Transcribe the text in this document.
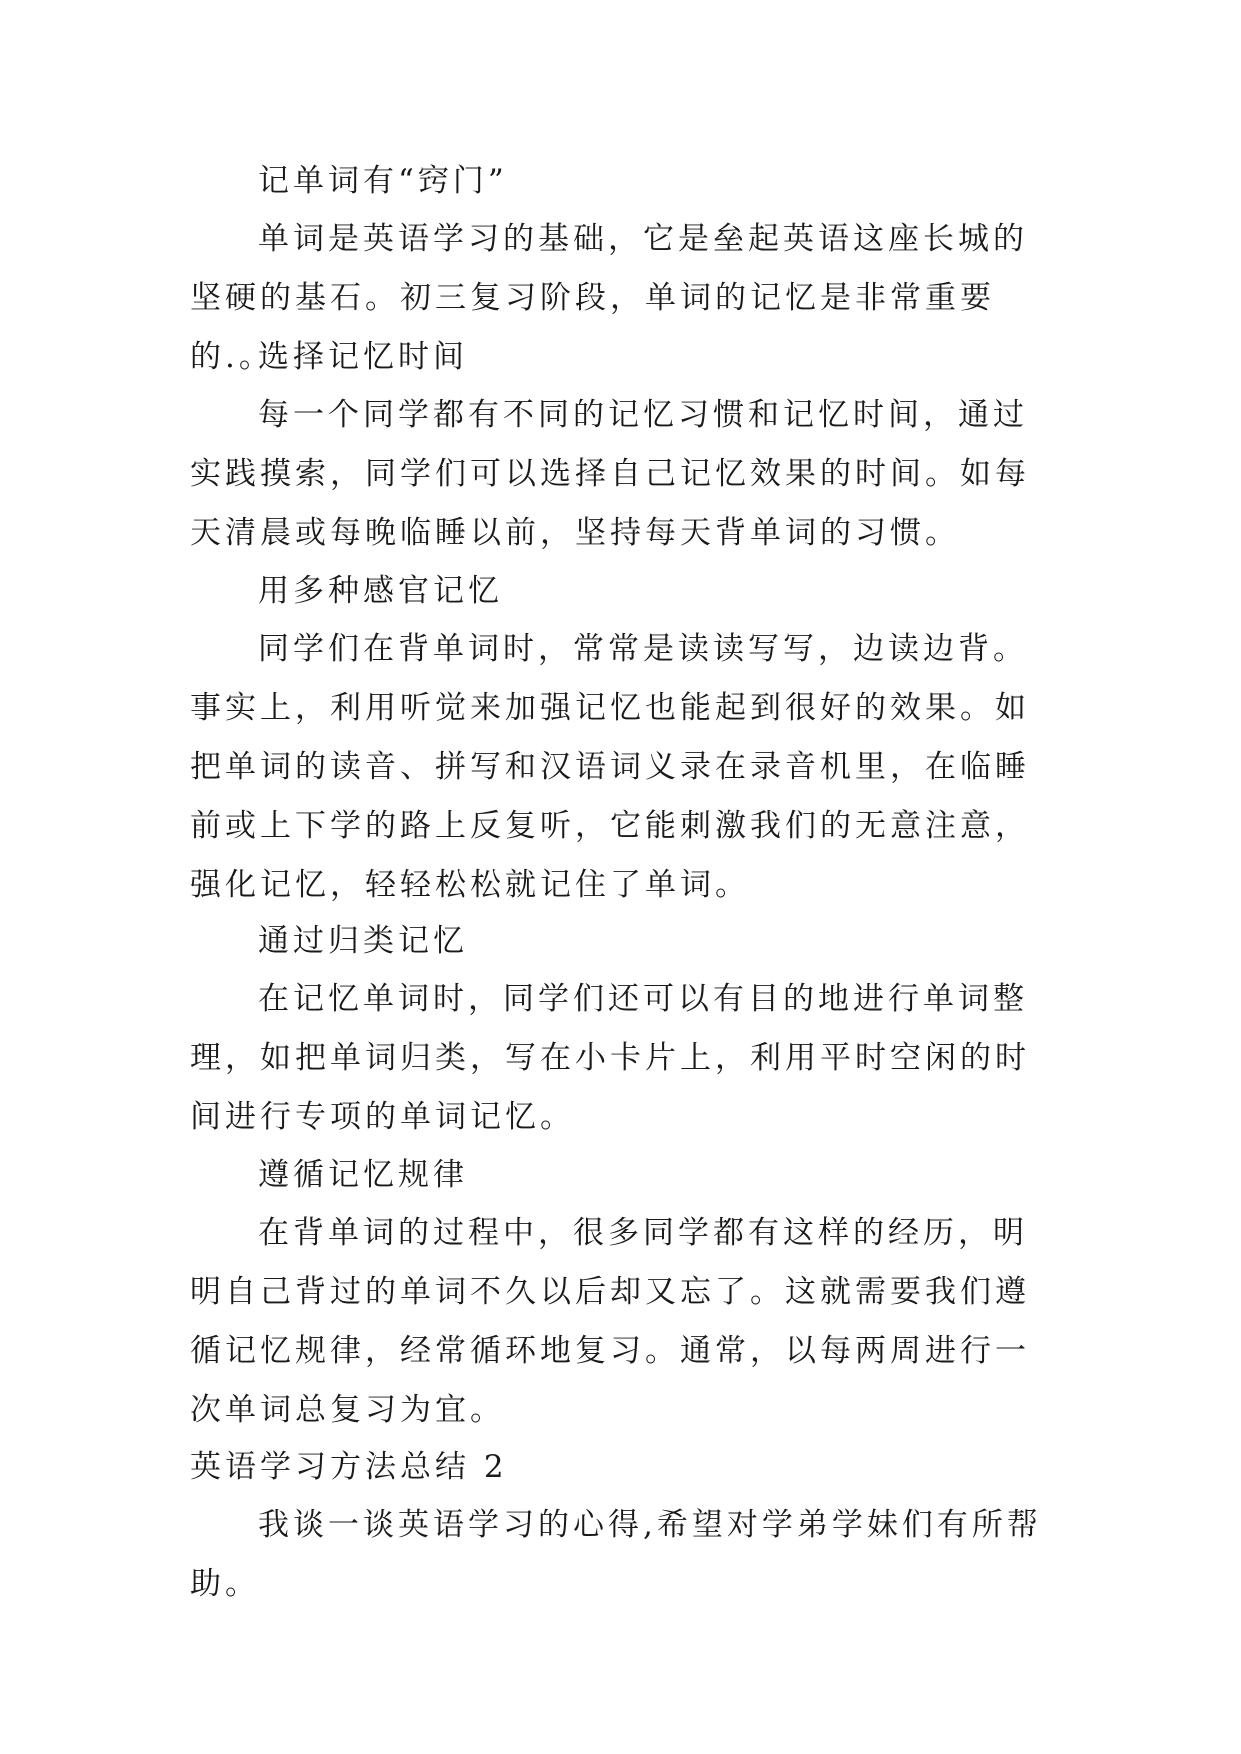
记单词有“窍门”
单词是英语学习的基础，它是垒起英语这座长城的坚硬的基石。初三复习阶段，单词的记忆是非常重要的.。
选择记忆时间
每一个同学都有不同的记忆习惯和记忆时间，通过实践摸索，同学们可以选择自己记忆效果的时间。如每天清晨或每晚临睡以前，坚持每天背单词的习惯。
用多种感官记忆
同学们在背单词时，常常是读读写写，边读边背。事实上，利用听觉来加强记忆也能起到很好的效果。如把单词的读音、拼写和汉语词义录在录音机里，在临睡前或上下学的路上反复听，它能刺激我们的无意注意，强化记忆，轻轻松松就记住了单词。
通过归类记忆
在记忆单词时，同学们还可以有目的地进行单词整理，如把单词归类，写在小卡片上，利用平时空闲的时间进行专项的单词记忆。
遵循记忆规律
在背单词的过程中，很多同学都有这样的经历，明明自己背过的单词不久以后却又忘了。这就需要我们遵循记忆规律，经常循环地复习。通常，以每两周进行一次单词总复习为宜。
英语学习方法总结 2
我谈一谈英语学习的心得,希望对学弟学妹们有所帮助。
